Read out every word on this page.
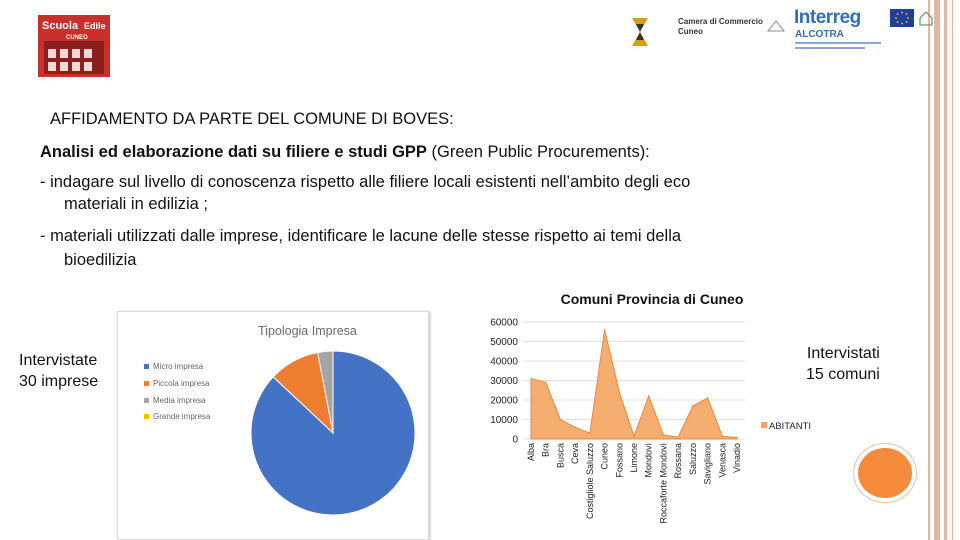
Scuola Edile
CUNEO
Camera di Commercio
Cuneo
Interreg
ALCOTRA
AFFIDAMENTO DA PARTE DEL COMUNE DI BOVES:
Analisi ed elaborazione dati su filiere e studi GPP (Green Public Procurements):
- indagare sul livello di conoscenza rispetto alle filiere locali esistenti nell’ambito degli eco
materiali in edilizia ;
- materiali utilizzati dalle imprese, identificare le lacune delle stesse rispetto ai temi della
bioedilizia
Intervistate
30 imprese
Intervistati
15 comuni
Tipologia Impresa
Micro impresa
Piccola impresa
Media impresa
Grande impresa
Comuni Provincia di Cuneo
60000
50000
40000
30000
20000
10000
0
Alba Bra Busca Ceva Costigliole Saluzzo Cuneo Fossano Limone Mondovì Roccaforte Mondovì Rossana Saluzzo Savigliano Venasca Vinadio
ABITANTI
